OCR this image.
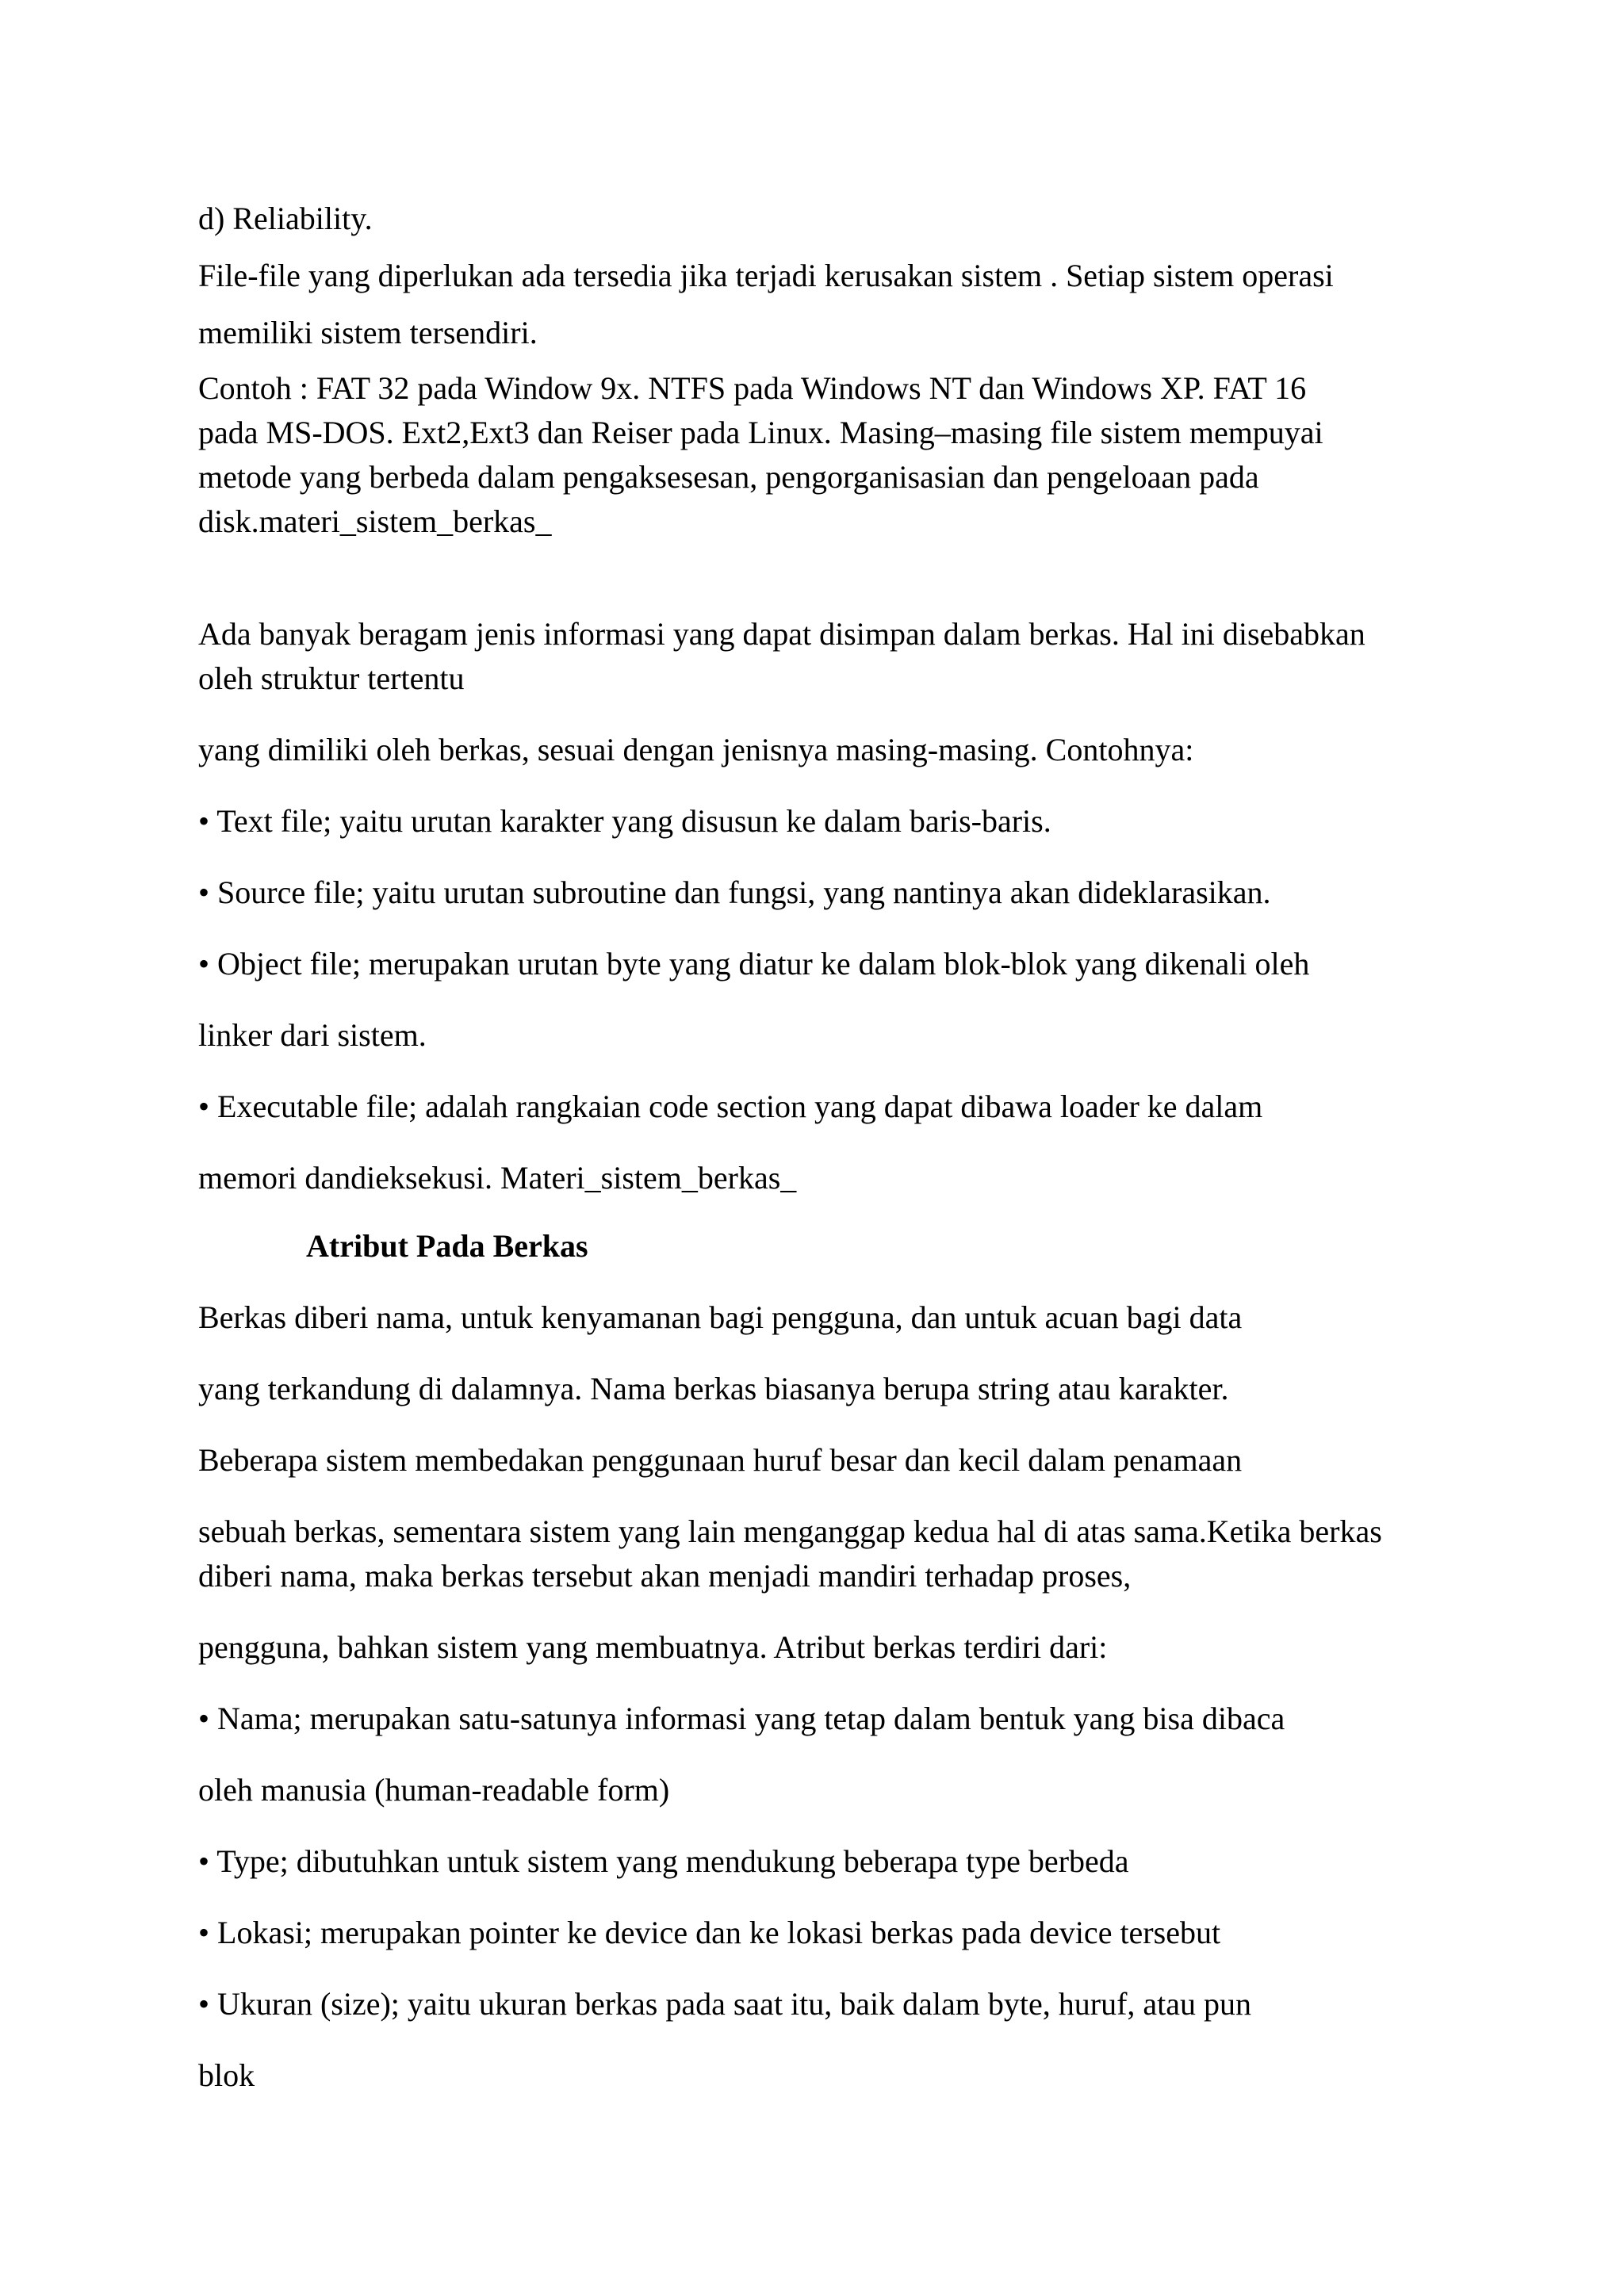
d) Reliability.
File-file yang diperlukan ada tersedia jika terjadi kerusakan sistem . Setiap sistem operasi
memiliki sistem tersendiri.
Contoh : FAT 32 pada Window 9x. NTFS pada Windows NT dan Windows XP. FAT 16
pada MS-DOS. Ext2,Ext3 dan Reiser pada Linux. Masing–masing file sistem mempuyai
metode yang berbeda dalam pengaksesesan, pengorganisasian dan pengeloaan pada
disk.materi_sistem_berkas_
Ada banyak beragam jenis informasi yang dapat disimpan dalam berkas. Hal ini disebabkan
oleh struktur tertentu
yang dimiliki oleh berkas, sesuai dengan jenisnya masing-masing. Contohnya:
• Text file; yaitu urutan karakter yang disusun ke dalam baris-baris.
• Source file; yaitu urutan subroutine dan fungsi, yang nantinya akan dideklarasikan.
• Object file; merupakan urutan byte yang diatur ke dalam blok-blok yang dikenali oleh
linker dari sistem.
• Executable file; adalah rangkaian code section yang dapat dibawa loader ke dalam
memori dandieksekusi. Materi_sistem_berkas_
Atribut Pada Berkas
Berkas diberi nama, untuk kenyamanan bagi pengguna, dan untuk acuan bagi data
yang terkandung di dalamnya. Nama berkas biasanya berupa string atau karakter.
Beberapa sistem membedakan penggunaan huruf besar dan kecil dalam penamaan
sebuah berkas, sementara sistem yang lain menganggap kedua hal di atas sama.Ketika berkas
diberi nama, maka berkas tersebut akan menjadi mandiri terhadap proses,
pengguna, bahkan sistem yang membuatnya. Atribut berkas terdiri dari:
• Nama; merupakan satu-satunya informasi yang tetap dalam bentuk yang bisa dibaca
oleh manusia (human-readable form)
• Type; dibutuhkan untuk sistem yang mendukung beberapa type berbeda
• Lokasi; merupakan pointer ke device dan ke lokasi berkas pada device tersebut
• Ukuran (size); yaitu ukuran berkas pada saat itu, baik dalam byte, huruf, atau pun
blok
